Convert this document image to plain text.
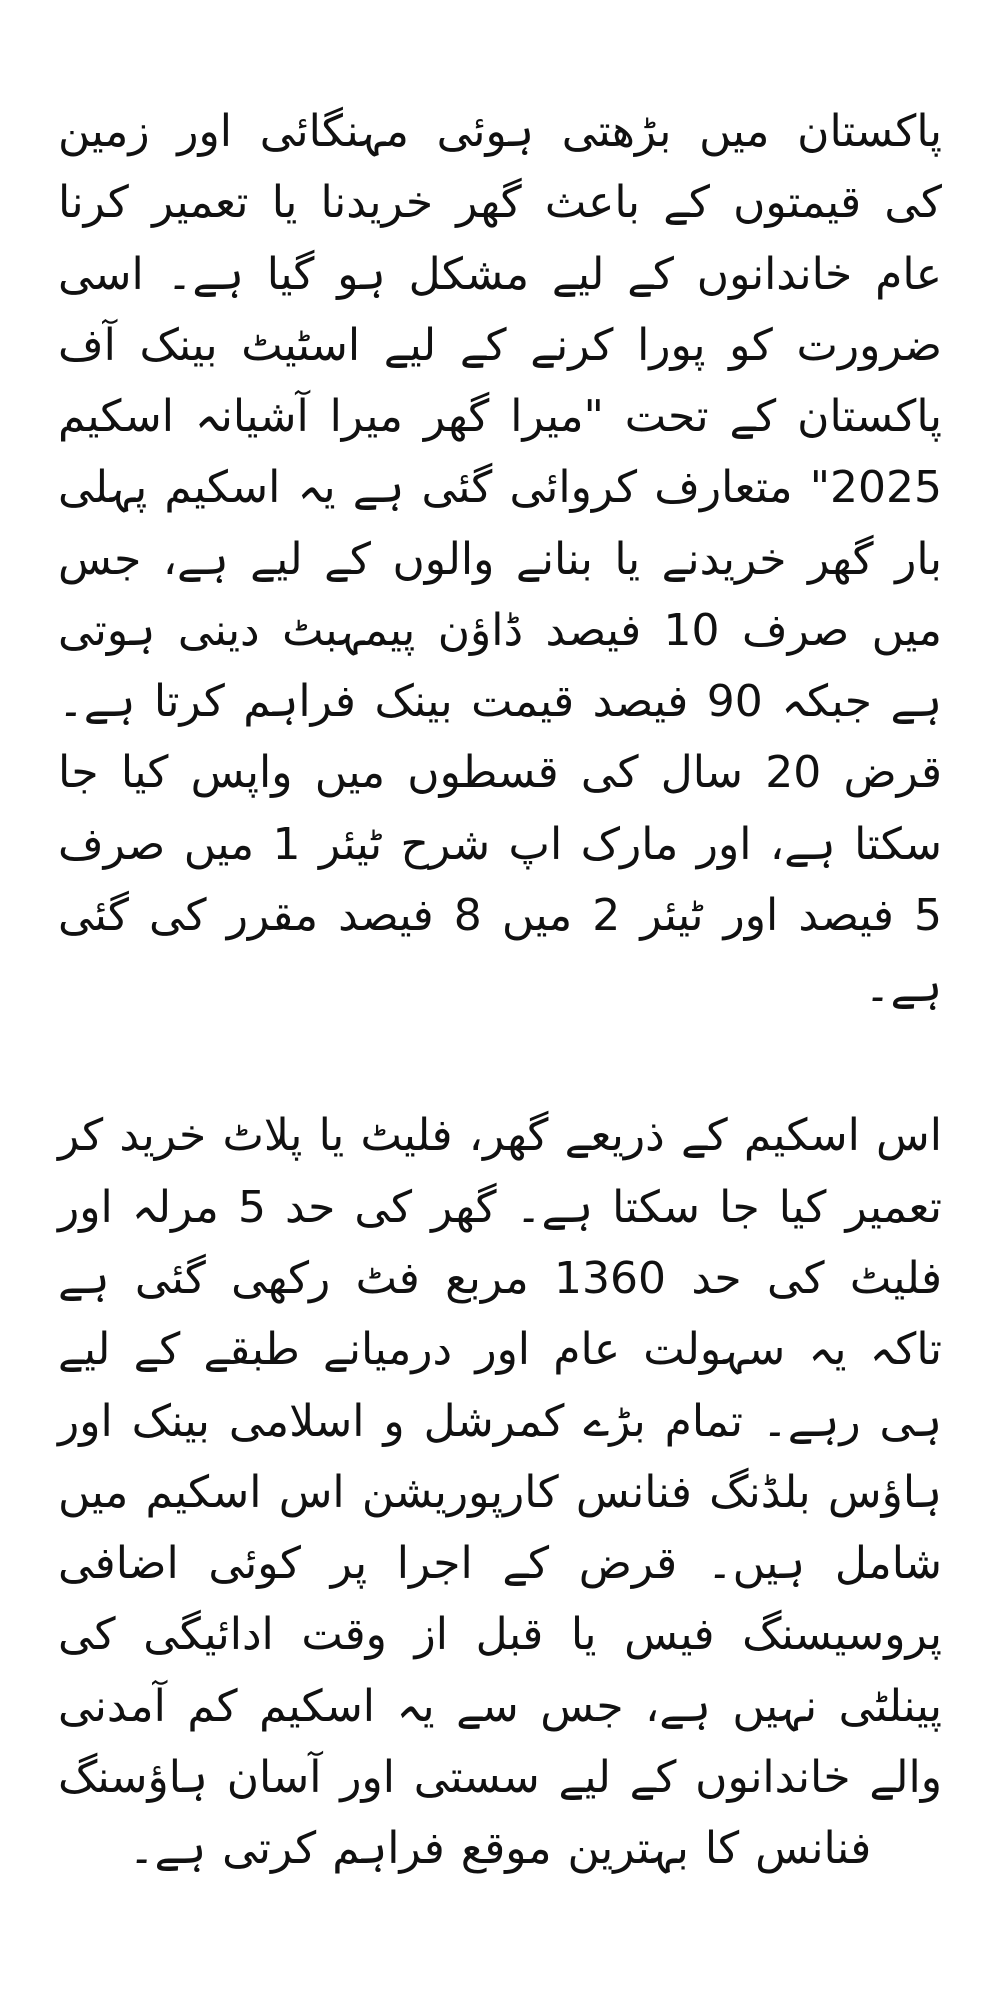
پاکستان میں بڑھتی ہوئی مہنگائی اور زمین کی قیمتوں کے باعث گھر خریدنا یا تعمیر کرنا عام خاندانوں کے لیے مشکل ہو گیا ہے۔ اسی ضرورت کو پورا کرنے کے لیے اسٹیٹ بینک آف پاکستان کے تحت "میرا گھر میرا آشیانہ اسکیم 2025" متعارف کروائی گئی ہے یہ اسکیم پہلی بار گھر خریدنے یا بنانے والوں کے لیے ہے، جس میں صرف 10 فیصد ڈاؤن پیمہبٹ دینی ہوتی ہے جبکہ 90 فیصد قیمت بینک فراہم کرتا ہے۔ قرض 20 سال کی قسطوں میں واپس کیا جا سکتا ہے، اور مارک اپ شرح ٹیئر 1 میں صرف 5 فیصد اور ٹیئر 2 میں 8 فیصد مقرر کی گئی ہے۔

اس اسکیم کے ذریعے گھر، فلیٹ یا پلاٹ خرید کر تعمیر کیا جا سکتا ہے۔ گھر کی حد 5 مرلہ اور فلیٹ کی حد 1360 مربع فٹ رکھی گئی ہے تاکہ یہ سہولت عام اور درمیانے طبقے کے لیے ہی رہے۔ تمام بڑے کمرشل و اسلامی بینک اور ہاؤس بلڈنگ فنانس کارپوریشن اس اسکیم میں شامل ہیں۔ قرض کے اجرا پر کوئی اضافی پروسیسنگ فیس یا قبل از وقت ادائیگی کی پینلٹی نہیں ہے، جس سے یہ اسکیم کم آمدنی والے خاندانوں کے لیے سستی اور آسان ہاؤسنگ فنانس کا بہترین موقع فراہم کرتی ہے۔
